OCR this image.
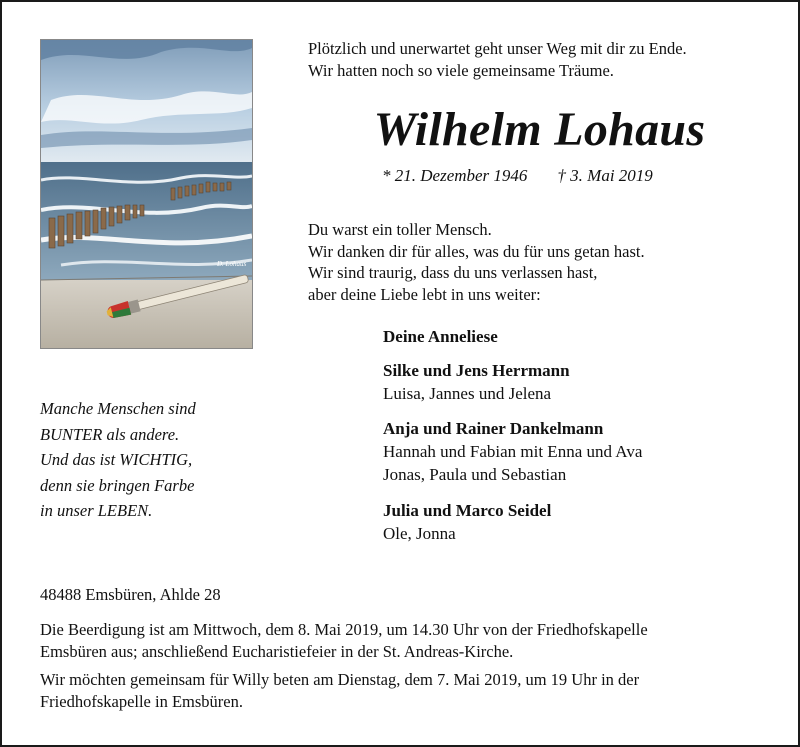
D. Lohaus
Plötzlich und unerwartet geht unser Weg mit dir zu Ende.
Wir hatten noch so viele gemeinsame Träume.
Wilhelm Lohaus
* 21. Dezember 1946 † 3. Mai 2019
Du warst ein toller Mensch.
Wir danken dir für alles, was du für uns getan hast.
Wir sind traurig, dass du uns verlassen hast,
aber deine Liebe lebt in uns weiter:
Deine Anneliese
Silke und Jens Herrmann
Luisa, Jannes und Jelena
Anja und Rainer Dankelmann
Hannah und Fabian mit Enna und Ava
Jonas, Paula und Sebastian
Julia und Marco Seidel
Ole, Jonna
Manche Menschen sind
BUNTER als andere.
Und das ist WICHTIG,
denn sie bringen Farbe
in unser LEBEN.
48488 Emsbüren, Ahlde 28
Die Beerdigung ist am Mittwoch, dem 8. Mai 2019, um 14.30 Uhr von der Friedhofskapelle
Emsbüren aus; anschließend Eucharistiefeier in der St. Andreas-Kirche.
Wir möchten gemeinsam für Willy beten am Dienstag, dem 7. Mai 2019, um 19 Uhr in der
Friedhofskapelle in Emsbüren.
